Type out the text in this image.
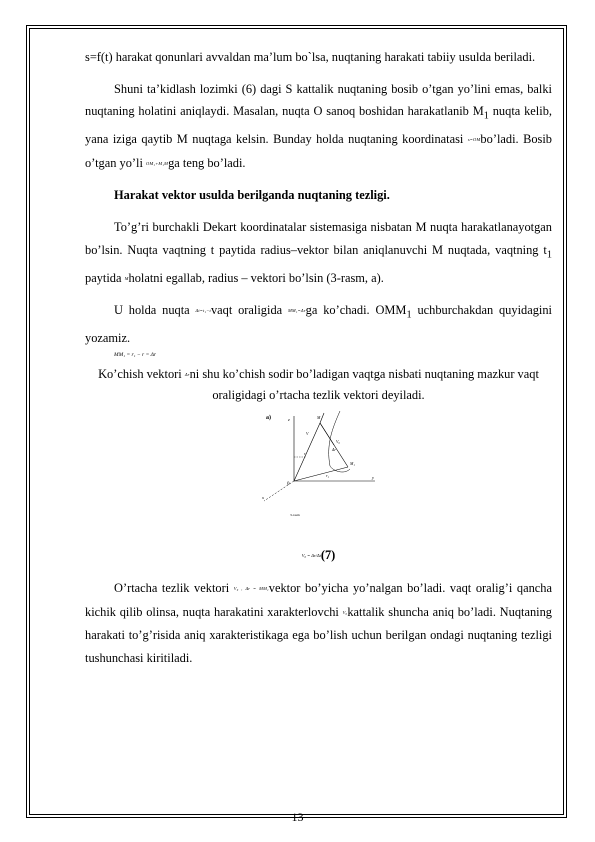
s=f(t) harakat qonunlari avvaldan ma’lum bo`lsa, nuqtaning harakati tabiiy usulda beriladi.

Shuni ta’kidlash lozimki (6) dagi S kattalik nuqtaning bosib o’tgan yo’lini emas, balki nuqtaning holatini aniqlaydi. Masalan, nuqta O sanoq boshidan harakatlanib $M_1$ nuqta kelib, yana iziga qaytib M nuqtaga kelsin. Bunday holda nuqtaning koordinatasi s=OMbo’ladi. Bosib o’tgan yo’li OM₁+M₁Mga teng bo’ladi.

Harakat vektor usulda berilganda nuqtaning tezligi.

To’g’ri burchakli Dekart koordinatalar sistemasiga nisbatan M nuqta harakatlanayotgan bo’lsin. Nuqta vaqtning t paytida radius–vektor bilan aniqlanuvchi M nuqtada, vaqtning $t_1$ paytida Mholatni egallab, radius – vektori bo’lsin (3-rasm, a).

U holda nuqta Δt=t₁−tvaqt oraligida MM₁=Δrga ko’chadi. $OMM_1$ uchburchakdan quyidagini yozamiz.

MM₁ = r₁ − r = Δr

Ko’chish vektori Δrni shu ko’chish sodir bo’ladigan vaqtga nisbati nuqtaning mazkur vaqt oraligidagi o’rtacha tezlik vektori deyiladi.

a)	z
y
x
0
r
r₁
Δr
M
M₁
V₀
V
3-rasm

V₀ = Δr/Δt(7)

O’rtacha tezlik vektori V₀ , Δr = MM₁vektor bo’yicha yo’nalgan bo’ladi. vaqt oralig’i qancha kichik qilib olinsa, nuqta harakatini xarakterlovchi V₀kattalik shuncha aniq bo’ladi. Nuqtaning harakati to’g’risida aniq xarakteristikaga ega bo’lish uchun berilgan ondagi nuqtaning tezligi tushunchasi kiritiladi.

13
